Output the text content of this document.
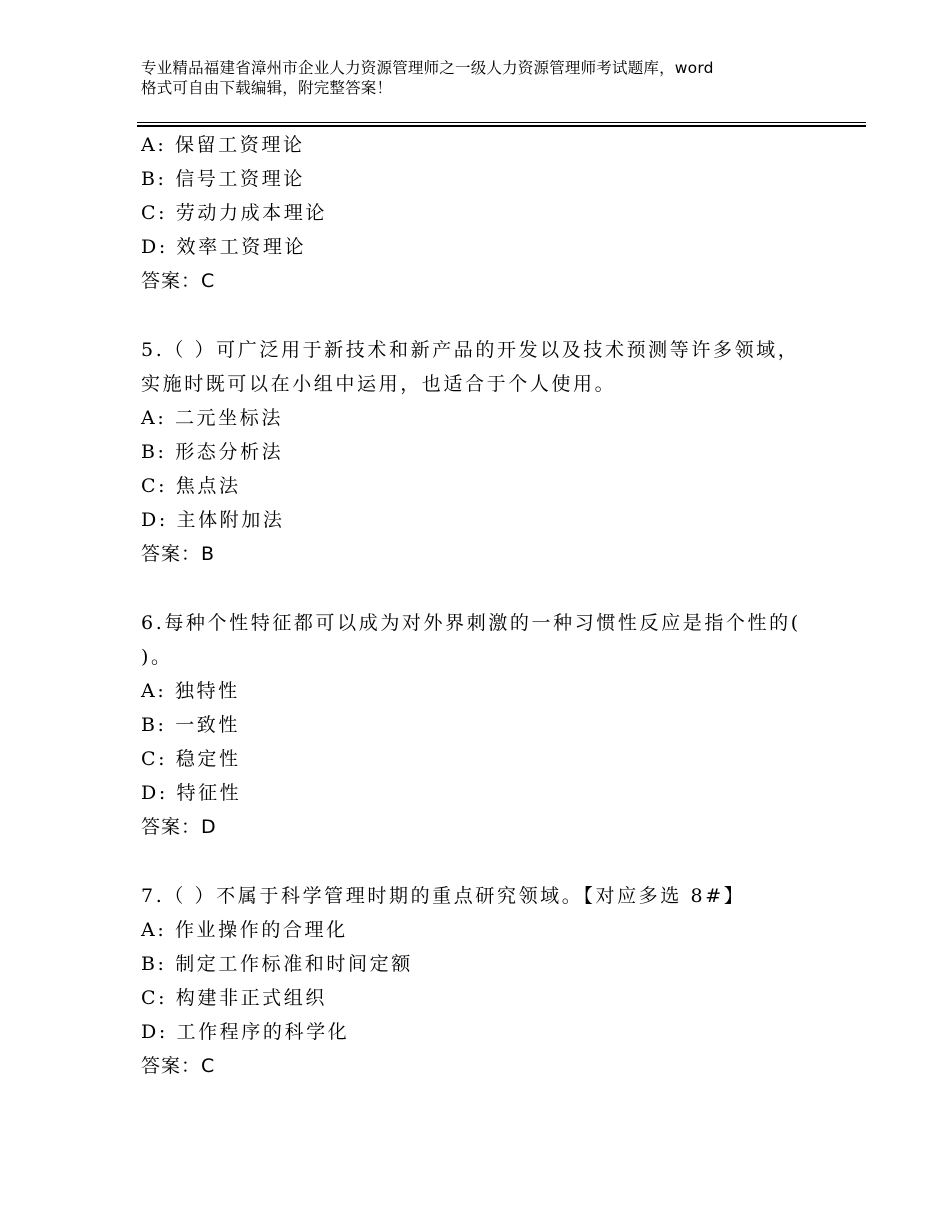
专业精品福建省漳州市企业人力资源管理师之一级人力资源管理师考试题库，word
格式可自由下载编辑，附完整答案！
A: 保留工资理论
B: 信号工资理论
C: 劳动力成本理论
D: 效率工资理论
答案：C
5.（ ）可广泛用于新技术和新产品的开发以及技术预测等许多领域，
实施时既可以在小组中运用，也适合于个人使用。
A: 二元坐标法
B: 形态分析法
C: 焦点法
D: 主体附加法
答案：B
6.每种个性特征都可以成为对外界刺激的一种习惯性反应是指个性的(
)。
A: 独特性
B: 一致性
C: 稳定性
D: 特征性
答案：D
7.（ ）不属于科学管理时期的重点研究领域。【对应多选 8#】
A: 作业操作的合理化
B: 制定工作标准和时间定额
C: 构建非正式组织
D: 工作程序的科学化
答案：C
